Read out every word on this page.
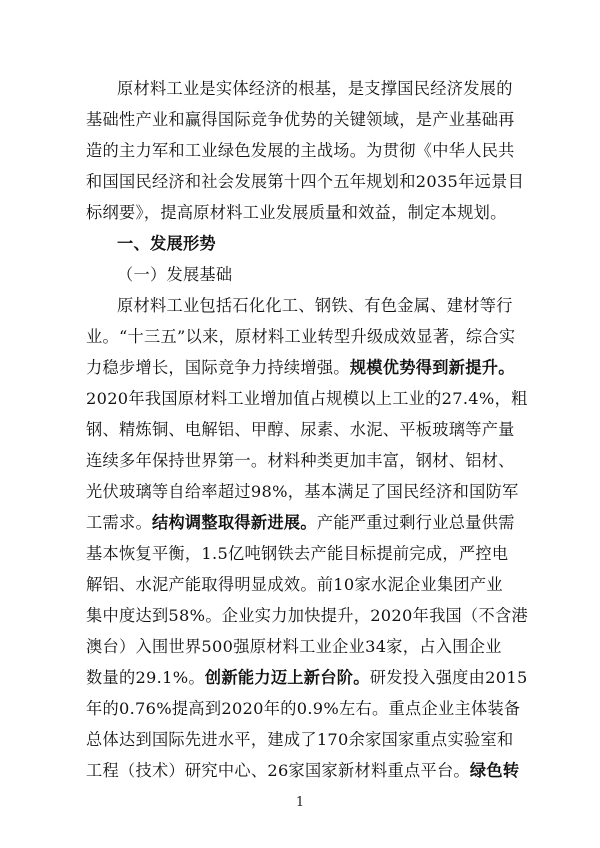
原材料工业是实体经济的根基，是支撑国民经济发展的
基础性产业和赢得国际竞争优势的关键领域，是产业基础再
造的主力军和工业绿色发展的主战场。为贯彻《中华人民共
和国国民经济和社会发展第十四个五年规划和2035年远景目
标纲要》，提高原材料工业发展质量和效益，制定本规划。
一、发展形势
（一）发展基础
原材料工业包括石化化工、钢铁、有色金属、建材等行
业。“十三五”以来，原材料工业转型升级成效显著，综合实
力稳步增长，国际竞争力持续增强。规模优势得到新提升。
2020年我国原材料工业增加值占规模以上工业的27.4%，粗
钢、精炼铜、电解铝、甲醇、尿素、水泥、平板玻璃等产量
连续多年保持世界第一。材料种类更加丰富，钢材、铝材、
光伏玻璃等自给率超过98%，基本满足了国民经济和国防军
工需求。结构调整取得新进展。产能严重过剩行业总量供需
基本恢复平衡，1.5亿吨钢铁去产能目标提前完成，严控电
解铝、水泥产能取得明显成效。前10家水泥企业集团产业
集中度达到58%。企业实力加快提升，2020年我国（不含港
澳台）入围世界500强原材料工业企业34家，占入围企业
数量的29.1%。创新能力迈上新台阶。研发投入强度由2015
1
年的0.76%提高到2020年的0.9%左右。重点企业主体装备
总体达到国际先进水平，建成了170余家国家重点实验室和
工程（技术）研究中心、26家国家新材料重点平台。绿色转
